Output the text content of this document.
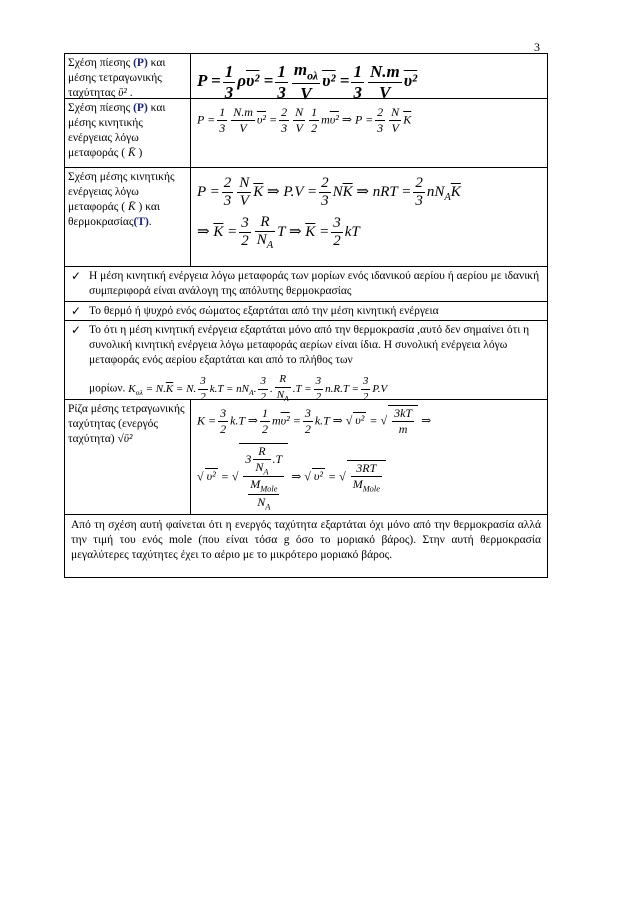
3
Σχέση πίεσης (P) και μέσης τετραγωνικής ταχύτητας ῡ² .
$P = \frac{1}{3} \rho\upsilon^2 = \frac{1}{3} \frac{m_{o\lambda}}{V} \upsilon^2 = \frac{1}{3} \frac{N.m}{V} \upsilon^2$
Σχέση πίεσης (P) και μέσης κινητικής ενέργειας λόγω μεταφοράς ( K̄ )
$P = \frac{1}{3} \frac{N.m}{V} \upsilon^2 = \frac{2}{3} \frac{N}{V} \frac{1}{2} m\upsilon^2$ ⇒ $P = \frac{2}{3} \frac{N}{V} \overline{K}$
Σχέση μέσης κινητικής ενέργειας λόγω μεταφοράς ( K̄ ) και θερμοκρασίας(T).
$P = \frac{2}{3} \frac{N}{V} \overline{K}$ ⇒ $P.V = \frac{2}{3} N\overline{K}$ ⇒ nRT = $\frac{2}{3} nN_A\overline{K}$
⇒ $\overline{K} = \frac{3}{2} \frac{R}{N_A}$ T ⇒ $\overline{K} = \frac{3}{2}$ kT
✓ Η μέση κινητική ενέργεια λόγω μεταφοράς των μορίων ενός ιδανικού αερίου ή αερίου με ιδανική συμπεριφορά είναι ανάλογη της απόλυτης θερμοκρασίας
✓ Το θερμό ή ψυχρό ενός σώματος εξαρτάται από την μέση κινητική ενέργεια
✓ Το ότι η μέση κινητική ενέργεια εξαρτάται μόνο από την θερμοκρασία ,αυτό δεν σημαίνει ότι η συνολική κινητική ενέργεια λόγω μεταφοράς αερίων είναι ίδια. Η συνολική ενέργεια λόγω μεταφοράς ενός αερίου εξαρτάται και από το πλήθος των
μορίων. $K_{o\lambda} = N.\overline{K} = N$. $\frac{3}{2} k.T = nN_A$. $\frac{3}{2}$ . $\frac{R}{N_A} .T = \frac{3}{2} n.R.T = \frac{3}{2} P.V$
Ρίζα μέσης τετραγωνικής ταχύτητας (ενεργός ταχύτητα) √ῡ²
$K = \frac{3}{2} k.T$ ⇒ $\frac{1}{2} m\upsilon^2 = \frac{3}{2} k.T$ ⇒ √ υ² = √ $\frac{3kT}{m}$ ⇒
√ υ² = √ $\frac{3 \frac{R}{N_A} .T}{\frac{M_{Mole}}{N_A}}$ ⇒ √ υ² = √ $\frac{3RT}{M_{Mole}}$
Από τη σχέση αυτή φαίνεται ότι η ενεργός ταχύτητα εξαρτάται όχι μόνο από την θερμοκρασία αλλά την τιμή του ενός mole (που είναι τόσα g όσο το μοριακό βάρος). Στην αυτή θερμοκρασία μεγαλύτερες ταχύτητες έχει το αέριο με το μικρότερο μοριακό βάρος.
